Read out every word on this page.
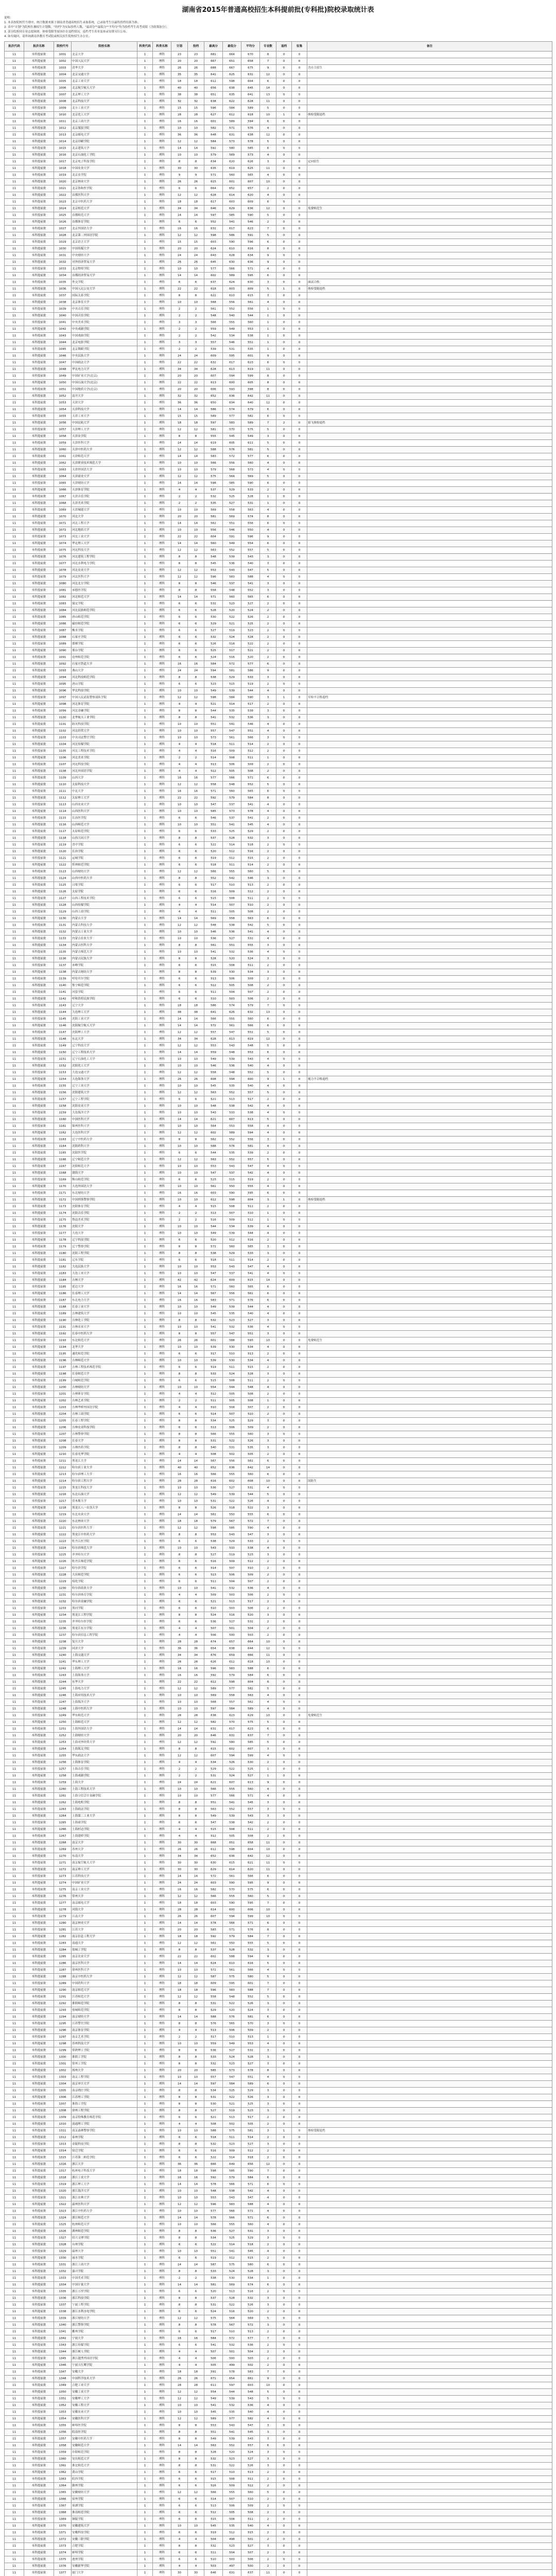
湖南省2015年普通高校招生本科提前批(专科批)院校录取统计表
说明：
1. 本表按院校代号排序，统计数据来源于湖南省普通高校招生录取系统，已录取考生以最终投档结果为准。
2. 表中"计划"为院校在湘招生计划数，"投档"为实际投档人数，"最高分""最低分""平均分"均为投档考生高考成绩（含政策加分）。
3. 部分院校因专业志愿调剂、体检受限等原因存在退档情况，退档考生名单及补录安排另行公布。
4. 如有疑问，请咨询湖南省教育考试院或相关招生院校招生办公室。
批次代码	批次名称	院校代号	院校名称	科类代码	科类名称	计划	投档	最高分	最低分	平均分	专业数	退档	征集	备注
11	本科提前批	1001	北京大学	1	理科	23	23	681	664	670	8	0	0	
11	本科提前批	1002	中国人民大学	1	理科	20	20	667	651	658	7	0	0	
11	本科提前批	1003	清华大学	1	理科	26	26	688	667	675	9	0	0	含自主招生
11	本科提前批	1004	北京交通大学	1	理科	35	35	641	625	631	12	0	0	
11	本科提前批	1005	北京工业大学	1	理科	18	18	612	598	604	6	0	0	
11	本科提前批	1006	北京航空航天大学	1	理科	40	40	656	638	645	14	0	0	
11	本科提前批	1007	北京理工大学	1	理科	38	38	651	635	641	13	0	0	
11	本科提前批	1008	北京科技大学	1	理科	32	32	638	622	628	11	0	0	
11	本科提前批	1009	北方工业大学	1	理科	15	15	596	584	589	5	0	0	
11	本科提前批	1010	北京化工大学	1	理科	28	28	627	612	618	10	1	0	体检受限退档
11	本科提前批	1011	北京工商大学	1	理科	16	16	601	589	594	6	0	0	
11	本科提前批	1012	北京服装学院	1	理科	10	10	582	571	576	4	0	0	
11	本科提前批	1013	北京邮电大学	1	理科	36	36	648	631	638	12	0	0	
11	本科提前批	1014	北京印刷学院	1	理科	12	12	584	573	578	5	0	0	
11	本科提前批	1015	北京建筑大学	1	理科	14	14	592	580	585	6	0	0	
11	本科提前批	1016	北京石油化工学院	1	理科	10	10	579	569	573	4	0	0	
11	本科提前批	1017	北京电子科技学院	1	理科	8	8	634	620	626	3	0	0	定向招生
11	本科提前批	1018	中国农业大学	1	理科	30	30	635	619	625	11	0	0	
11	本科提前批	1019	北京农学院	1	理科	9	9	571	560	565	4	0	0	
11	本科提前批	1020	北京林业大学	1	理科	26	26	615	601	607	10	0	0	
11	本科提前批	1021	北京协和医学院	1	理科	6	6	664	652	657	2	0	0	
11	本科提前批	1022	首都医科大学	1	理科	12	12	628	614	620	4	0	0	
11	本科提前批	1023	北京中医药大学	1	理科	18	18	617	603	609	6	0	0	
11	本科提前批	1024	北京师范大学	1	理科	34	34	646	629	636	12	0	0	免费师范生
11	本科提前批	1025	首都师范大学	1	理科	14	14	597	585	590	5	0	0	
11	本科提前批	1026	首都体育学院	1	理科	6	6	552	541	546	2	0	0	
11	本科提前批	1027	北京外国语大学	1	理科	16	16	631	617	623	7	0	0	
11	本科提前批	1028	北京第二外国语学院	1	理科	12	12	598	586	591	5	0	0	
11	本科提前批	1029	北京语言大学	1	理科	15	15	603	590	596	6	0	0	
11	本科提前批	1030	中国传媒大学	1	理科	20	20	624	610	616	8	0	0	
11	本科提前批	1031	中央财经大学	1	理科	24	24	643	628	634	9	0	0	
11	本科提前批	1032	对外经济贸易大学	1	理科	26	26	645	630	636	9	0	0	
11	本科提前批	1033	北京物资学院	1	理科	10	10	577	566	571	4	0	0	
11	本科提前批	1034	首都经济贸易大学	1	理科	14	14	602	589	595	6	0	0	
11	本科提前批	1035	外交学院	1	理科	6	6	637	624	630	3	0	0	面试合格
11	本科提前批	1036	中国人民公安大学	1	理科	22	22	618	603	609	5	1	0	体检受限退档
11	本科提前批	1037	国际关系学院	1	理科	8	8	622	610	615	3	0	0	
11	本科提前批	1038	北京体育大学	1	理科	10	10	568	556	561	4	0	0	
11	本科提前批	1039	中央音乐学院	1	理科	2	2	561	552	556	1	0	0	
11	本科提前批	1040	中国音乐学院	1	理科	2	2	548	540	544	1	0	0	
11	本科提前批	1041	中央美术学院	1	理科	3	3	566	555	560	1	0	0	
11	本科提前批	1042	中央戏剧学院	1	理科	2	2	559	549	553	1	0	0	
11	本科提前批	1043	中国戏曲学院	1	理科	2	2	542	534	538	1	0	0	
11	本科提前批	1044	北京电影学院	1	理科	3	3	557	546	551	1	0	0	
11	本科提前批	1045	北京舞蹈学院	1	理科	2	2	539	531	535	1	0	0	
11	本科提前批	1046	中央民族大学	1	理科	24	24	609	595	601	9	0	0	
11	本科提前批	1047	中国政法大学	1	理科	22	22	632	617	623	6	0	0	
11	本科提前批	1048	华北电力大学	1	理科	34	34	628	613	619	11	0	0	
11	本科提前批	1049	中国矿业大学(北京)	1	理科	20	20	607	594	599	8	0	0	
11	本科提前批	1050	中国石油大学(北京)	1	理科	22	22	613	600	605	8	0	0	
11	本科提前批	1051	中国地质大学(北京)	1	理科	20	20	606	593	598	8	0	0	
11	本科提前批	1052	南开大学	1	理科	32	32	652	636	642	11	0	0	
11	本科提前批	1053	天津大学	1	理科	36	36	650	634	640	12	0	0	
11	本科提前批	1054	天津科技大学	1	理科	14	14	586	574	579	6	0	0	
11	本科提前批	1055	天津工业大学	1	理科	15	15	589	577	582	6	0	0	
11	本科提前批	1056	中国民航大学	1	理科	18	18	597	583	589	7	2	0	招飞体检退档
11	本科提前批	1057	天津理工大学	1	理科	12	12	581	570	575	5	0	0	
11	本科提前批	1058	天津农学院	1	理科	8	8	555	545	549	3	0	0	
11	本科提前批	1059	天津医科大学	1	理科	14	14	619	605	611	5	0	0	
11	本科提前批	1060	天津中医药大学	1	理科	12	12	588	576	581	5	0	0	
11	本科提前批	1061	天津师范大学	1	理科	14	14	583	572	577	6	0	0	
11	本科提前批	1062	天津职业技术师范大学	1	理科	10	10	566	556	560	4	0	0	
11	本科提前批	1063	天津外国语大学	1	理科	10	10	579	568	573	4	0	0	
11	本科提前批	1064	天津商业大学	1	理科	12	12	575	564	569	5	0	0	
11	本科提前批	1065	天津财经大学	1	理科	14	14	598	585	590	6	0	0	
11	本科提前批	1066	天津体育学院	1	理科	4	4	537	529	533	2	0	0	
11	本科提前批	1067	天津音乐学院	1	理科	2	2	532	525	528	1	0	0	
11	本科提前批	1068	天津美术学院	1	理科	2	2	535	527	531	1	0	0	
11	本科提前批	1069	天津城建大学	1	理科	10	10	569	558	563	4	0	0	
11	本科提前批	1070	河北大学	1	理科	20	20	581	569	574	8	0	0	
11	本科提前批	1071	河北工程大学	1	理科	14	14	562	551	556	6	0	0	
11	本科提前批	1072	河北地质大学	1	理科	10	10	556	546	550	4	0	0	
11	本科提前批	1073	河北工业大学	1	理科	22	22	604	591	596	9	0	0	
11	本科提前批	1074	华北理工大学	1	理科	14	14	560	549	554	6	0	0	
11	本科提前批	1075	河北科技大学	1	理科	12	12	563	552	557	5	0	0	
11	本科提前批	1076	河北建筑工程学院	1	理科	8	8	548	539	543	3	0	0	
11	本科提前批	1077	河北水利电力学院	1	理科	8	8	545	536	540	3	0	0	
11	本科提前批	1078	河北农业大学	1	理科	12	12	553	543	547	5	0	0	
11	本科提前批	1079	河北医科大学	1	理科	12	12	596	583	588	4	0	0	
11	本科提前批	1080	河北北方学院	1	理科	8	8	546	537	541	3	0	0	
11	本科提前批	1081	承德医学院	1	理科	8	8	558	548	552	3	0	0	
11	本科提前批	1082	河北师范大学	1	理科	14	14	571	560	565	6	0	0	
11	本科提前批	1083	保定学院	1	理科	6	6	531	523	527	2	0	0	
11	本科提前批	1084	河北民族师范学院	1	理科	6	6	528	520	524	2	0	0	
11	本科提前批	1085	唐山师范学院	1	理科	6	6	530	522	526	2	0	0	
11	本科提前批	1086	廊坊师范学院	1	理科	6	6	529	521	525	2	0	0	
11	本科提前批	1087	衡水学院	1	理科	6	6	527	519	523	2	0	0	
11	本科提前批	1088	石家庄学院	1	理科	6	6	532	524	528	2	0	0	
11	本科提前批	1089	邯郸学院	1	理科	6	6	526	518	522	2	0	0	
11	本科提前批	1090	邢台学院	1	理科	6	6	525	517	521	2	0	0	
11	本科提前批	1091	沧州师范学院	1	理科	6	6	524	516	520	2	0	0	
11	本科提前批	1092	石家庄铁道大学	1	理科	16	16	584	572	577	6	0	0	
11	本科提前批	1093	燕山大学	1	理科	24	24	594	581	586	9	0	0	
11	本科提前批	1094	河北科技师范学院	1	理科	8	8	538	529	533	3	0	0	
11	本科提前批	1095	唐山学院	1	理科	6	6	523	515	519	2	0	0	
11	本科提前批	1096	华北科技学院	1	理科	10	10	549	539	544	4	0	0	
11	本科提前批	1097	中国人民武装警察部队学院	1	理科	12	12	598	584	590	3	1	0	军检不合格退档
11	本科提前批	1098	河北体育学院	1	理科	4	4	521	514	517	2	0	0	
11	本科提前批	1099	河北金融学院	1	理科	8	8	544	535	539	3	0	0	
11	本科提前批	1100	北华航天工业学院	1	理科	8	8	541	532	536	3	0	0	
11	本科提前批	1101	防灾科技学院	1	理科	10	10	551	541	546	4	0	0	
11	本科提前批	1102	河北经贸大学	1	理科	10	10	557	547	551	4	0	0	
11	本科提前批	1103	中央司法警官学院	1	理科	10	10	573	561	566	3	0	0	
11	本科提前批	1104	河北传媒学院	1	理科	4	4	518	511	514	2	0	0	
11	本科提前批	1105	河北工程技术学院	1	理科	4	4	516	509	512	2	0	0	
11	本科提前批	1106	河北美术学院	1	理科	2	2	514	508	511	1	0	0	
11	本科提前批	1107	河北科技学院	1	理科	4	4	513	506	509	2	0	0	
11	本科提前批	1108	河北外国语学院	1	理科	4	4	512	505	508	2	0	0	
11	本科提前批	1109	山西大学	1	理科	16	16	577	566	571	6	0	0	
11	本科提前批	1110	太原科技大学	1	理科	12	12	558	548	552	5	0	0	
11	本科提前批	1111	中北大学	1	理科	16	16	571	560	565	6	0	0	
11	本科提前批	1112	太原理工大学	1	理科	22	22	592	579	584	8	0	0	
11	本科提前批	1113	山西农业大学	1	理科	10	10	547	537	541	4	0	0	
11	本科提前批	1114	山西医科大学	1	理科	10	10	585	573	578	4	0	0	
11	本科提前批	1115	长治医学院	1	理科	6	6	546	537	541	2	0	0	
11	本科提前批	1116	山西师范大学	1	理科	10	10	551	541	545	4	0	0	
11	本科提前批	1117	太原师范学院	1	理科	6	6	533	525	529	2	0	0	
11	本科提前批	1118	山西大同大学	1	理科	8	8	537	528	532	3	0	0	
11	本科提前批	1119	晋中学院	1	理科	6	6	522	514	518	2	0	0	
11	本科提前批	1120	长治学院	1	理科	6	6	520	512	516	2	0	0	
11	本科提前批	1121	运城学院	1	理科	6	6	519	512	515	2	0	0	
11	本科提前批	1122	忻州师范学院	1	理科	6	6	518	511	514	2	0	0	
11	本科提前批	1123	山西财经大学	1	理科	12	12	566	555	560	5	0	0	
11	本科提前批	1124	山西中医药大学	1	理科	8	8	552	542	546	3	0	0	
11	本科提前批	1125	吕梁学院	1	理科	6	6	517	510	513	2	0	0	
11	本科提前批	1126	太原学院	1	理科	6	6	516	509	512	2	0	0	
11	本科提前批	1127	山西工程技术学院	1	理科	6	6	515	508	511	2	0	0	
11	本科提前批	1128	山西传媒学院	1	理科	4	4	514	507	510	2	0	0	
11	本科提前批	1129	山西工商学院	1	理科	4	4	511	505	508	2	0	0	
11	本科提前批	1130	内蒙古大学	1	理科	14	14	569	558	563	6	0	0	
11	本科提前批	1131	内蒙古科技大学	1	理科	12	12	548	538	542	5	0	0	
11	本科提前批	1132	内蒙古工业大学	1	理科	10	10	546	536	541	4	0	0	
11	本科提前批	1133	内蒙古农业大学	1	理科	10	10	536	527	531	4	0	0	
11	本科提前批	1134	内蒙古医科大学	1	理科	8	8	561	551	555	3	0	0	
11	本科提前批	1135	内蒙古师范大学	1	理科	10	10	541	532	536	4	0	0	
11	本科提前批	1136	内蒙古民族大学	1	理科	8	8	528	520	524	3	0	0	
11	本科提前批	1137	赤峰学院	1	理科	6	6	515	508	511	2	0	0	
11	本科提前批	1138	内蒙古财经大学	1	理科	8	8	539	530	534	3	0	0	
11	本科提前批	1139	呼伦贝尔学院	1	理科	6	6	513	506	509	2	0	0	
11	本科提前批	1140	集宁师范学院	1	理科	6	6	512	505	508	2	0	0	
11	本科提前批	1141	河套学院	1	理科	6	6	511	504	507	2	0	0	
11	本科提前批	1142	呼和浩特民族学院	1	理科	6	6	510	503	506	2	0	0	
11	本科提前批	1143	辽宁大学	1	理科	18	18	586	574	579	7	0	0	
11	本科提前批	1144	大连理工大学	1	理科	38	38	641	626	632	13	0	0	
11	本科提前批	1145	沈阳工业大学	1	理科	14	14	566	555	560	6	0	0	
11	本科提前批	1146	沈阳航空航天大学	1	理科	14	14	572	561	566	6	0	0	
11	本科提前批	1147	沈阳理工大学	1	理科	12	12	557	547	551	5	0	0	
11	本科提前批	1148	东北大学	1	理科	34	34	628	613	619	12	0	0	
11	本科提前批	1149	辽宁科技大学	1	理科	12	12	553	543	548	5	0	0	
11	本科提前批	1150	辽宁工程技术大学	1	理科	14	14	559	548	553	6	0	0	
11	本科提前批	1151	辽宁石油化工大学	1	理科	10	10	549	539	543	4	0	0	
11	本科提前批	1152	沈阳化工大学	1	理科	10	10	546	536	540	4	0	0	
11	本科提前批	1153	大连交通大学	1	理科	12	12	558	548	552	5	0	0	
11	本科提前批	1154	大连海事大学	1	理科	26	26	608	594	600	9	1	0	视力不合格退档
11	本科提前批	1155	辽宁工业大学	1	理科	10	10	545	535	540	4	0	0	
11	本科提前批	1156	沈阳建筑大学	1	理科	12	12	563	552	557	5	0	0	
11	本科提前批	1157	辽宁工程学院	1	理科	6	6	521	513	517	2	0	0	
11	本科提前批	1158	沈阳农业大学	1	理科	10	10	548	538	542	4	0	0	
11	本科提前批	1159	大连海洋大学	1	理科	10	10	543	533	538	4	0	0	
11	本科提前批	1160	中国医科大学	1	理科	14	14	621	607	613	5	0	0	
11	本科提前批	1161	锦州医科大学	1	理科	10	10	564	553	558	4	0	0	
11	本科提前批	1162	大连医科大学	1	理科	12	12	602	589	594	4	0	0	
11	本科提前批	1163	辽宁中医药大学	1	理科	8	8	562	552	556	3	0	0	
11	本科提前批	1164	沈阳药科大学	1	理科	10	10	588	576	581	4	0	0	
11	本科提前批	1165	沈阳医学院	1	理科	6	6	544	535	539	2	0	0	
11	本科提前批	1166	辽宁师范大学	1	理科	12	12	563	552	557	5	0	0	
11	本科提前批	1167	沈阳师范大学	1	理科	10	10	553	543	547	4	0	0	
11	本科提前批	1168	渤海大学	1	理科	10	10	547	537	542	4	0	0	
11	本科提前批	1169	鞍山师范学院	1	理科	6	6	523	515	519	2	0	0	
11	本科提前批	1170	大连外国语大学	1	理科	10	10	561	550	555	4	0	0	
11	本科提前批	1171	东北财经大学	1	理科	16	16	603	590	595	6	0	0	
11	本科提前批	1172	中国刑事警察学院	1	理科	10	10	612	598	604	3	1	0	体检受限退档
11	本科提前批	1173	沈阳体育学院	1	理科	4	4	515	508	511	2	0	0	
11	本科提前批	1174	沈阳音乐学院	1	理科	2	2	513	507	510	1	0	0	
11	本科提前批	1175	鲁迅美术学院	1	理科	2	2	516	509	512	1	0	0	
11	本科提前批	1176	沈阳大学	1	理科	10	10	544	534	539	4	0	0	
11	本科提前批	1177	大连大学	1	理科	10	10	549	539	544	4	0	0	
11	本科提前批	1178	辽宁科技学院	1	理科	6	6	520	512	516	2	0	0	
11	本科提前批	1179	辽宁警察学院	1	理科	8	8	571	560	565	3	0	0	
11	本科提前批	1180	沈阳工程学院	1	理科	8	8	538	529	533	3	0	0	
11	本科提前批	1181	辽东学院	1	理科	6	6	518	511	514	2	0	0	
11	本科提前批	1182	大连民族大学	1	理科	10	10	553	543	547	4	0	0	
11	本科提前批	1183	大连工业大学	1	理科	10	10	547	537	541	4	0	0	
11	本科提前批	1184	吉林大学	1	理科	42	42	624	609	615	14	0	0	
11	本科提前批	1185	延边大学	1	理科	16	16	571	560	565	6	0	0	
11	本科提前批	1186	长春理工大学	1	理科	14	14	567	556	561	6	0	0	
11	本科提前批	1187	东北电力大学	1	理科	16	16	583	571	576	6	0	0	
11	本科提前批	1188	长春工业大学	1	理科	10	10	549	539	544	4	0	0	
11	本科提前批	1189	吉林建筑大学	1	理科	10	10	545	535	540	4	0	0	
11	本科提前批	1190	吉林化工学院	1	理科	8	8	532	523	527	3	0	0	
11	本科提前批	1191	吉林农业大学	1	理科	10	10	541	532	536	4	0	0	
11	本科提前批	1192	长春中医药大学	1	理科	8	8	557	547	551	3	0	0	
11	本科提前批	1193	东北师范大学	1	理科	26	26	601	588	593	10	0	0	免费师范生
11	本科提前批	1194	北华大学	1	理科	10	10	539	530	534	4	0	0	
11	本科提前批	1195	通化师范学院	1	理科	6	6	517	510	513	2	0	0	
11	本科提前批	1196	吉林师范大学	1	理科	10	10	539	530	534	4	0	0	
11	本科提前批	1197	吉林工程技术师范学院	1	理科	6	6	519	511	515	2	0	0	
11	本科提前批	1198	长春师范大学	1	理科	8	8	533	524	528	3	0	0	
11	本科提前批	1199	白城师范学院	1	理科	6	6	515	508	511	2	0	0	
11	本科提前批	1200	吉林财经大学	1	理科	10	10	554	544	548	4	0	0	
11	本科提前批	1201	吉林体育学院	1	理科	4	4	512	505	508	2	0	0	
11	本科提前批	1202	吉林艺术学院	1	理科	2	2	511	505	508	1	0	0	
11	本科提前批	1203	吉林华桥外国语学院	1	理科	4	4	510	504	507	2	0	0	
11	本科提前批	1204	吉林工商学院	1	理科	6	6	514	507	510	2	0	0	
11	本科提前批	1205	长春工程学院	1	理科	8	8	534	525	529	3	0	0	
11	本科提前批	1206	吉林农业科技学院	1	理科	6	6	513	506	509	2	0	0	
11	本科提前批	1207	吉林警察学院	1	理科	8	8	566	555	560	3	0	0	
11	本科提前批	1208	长春大学	1	理科	8	8	531	522	526	3	0	0	
11	本科提前批	1209	吉林医药学院	1	理科	8	8	540	531	535	3	0	0	
11	本科提前批	1210	长春光华学院	1	理科	4	4	508	502	505	2	0	0	
11	本科提前批	1211	黑龙江大学	1	理科	14	14	567	556	561	6	0	0	
11	本科提前批	1212	哈尔滨工业大学	1	理科	40	40	652	636	642	14	0	0	
11	本科提前批	1213	哈尔滨理工大学	1	理科	16	16	566	555	560	6	0	0	
11	本科提前批	1214	哈尔滨工程大学	1	理科	28	28	616	602	608	10	0	0	国防生
11	本科提前批	1215	黑龙江科技大学	1	理科	10	10	536	527	531	4	0	0	
11	本科提前批	1216	东北石油大学	1	理科	12	12	549	539	544	5	0	0	
11	本科提前批	1217	佳木斯大学	1	理科	10	10	531	522	526	4	0	0	
11	本科提前批	1218	黑龙江八一农垦大学	1	理科	8	8	526	518	522	3	0	0	
11	本科提前批	1219	东北农业大学	1	理科	14	14	561	550	555	6	0	0	
11	本科提前批	1220	东北林业大学	1	理科	18	18	579	567	572	7	0	0	
11	本科提前批	1221	哈尔滨医科大学	1	理科	12	12	598	585	590	4	0	0	
11	本科提前批	1222	黑龙江中医药大学	1	理科	8	8	553	543	547	3	0	0	
11	本科提前批	1223	牡丹江医学院	1	理科	6	6	538	529	533	2	0	0	
11	本科提前批	1224	哈尔滨师范大学	1	理科	10	10	543	533	538	4	0	0	
11	本科提前批	1225	齐齐哈尔大学	1	理科	8	8	527	519	523	3	0	0	
11	本科提前批	1226	牡丹江师范学院	1	理科	6	6	516	509	512	2	0	0	
11	本科提前批	1227	哈尔滨学院	1	理科	6	6	514	507	510	2	0	0	
11	本科提前批	1228	大庆师范学院	1	理科	6	6	513	506	509	2	0	0	
11	本科提前批	1229	绥化学院	1	理科	6	6	511	504	507	2	0	0	
11	本科提前批	1230	哈尔滨商业大学	1	理科	10	10	541	532	536	4	0	0	
11	本科提前批	1231	哈尔滨体育学院	1	理科	4	4	509	503	506	2	0	0	
11	本科提前批	1232	哈尔滨金融学院	1	理科	6	6	521	513	517	2	0	0	
11	本科提前批	1233	黑河学院	1	理科	6	6	510	503	506	2	0	0	
11	本科提前批	1234	黑龙江工程学院	1	理科	8	8	524	516	520	3	0	0	
11	本科提前批	1235	齐齐哈尔医学院	1	理科	6	6	536	527	531	2	0	0	
11	本科提前批	1236	黑龙江东方学院	1	理科	4	4	507	501	504	2	0	0	
11	本科提前批	1237	哈尔滨信息工程学院	1	理科	4	4	506	500	503	2	0	0	
11	本科提前批	1238	复旦大学	1	理科	28	28	674	657	664	10	0	0	
11	本科提前批	1239	同济大学	1	理科	36	36	654	638	644	12	0	0	
11	本科提前批	1240	上海交通大学	1	理科	34	34	676	659	666	11	0	0	
11	本科提前批	1241	华东理工大学	1	理科	28	28	626	612	618	10	0	0	
11	本科提前批	1242	上海理工大学	1	理科	16	16	596	583	588	6	0	0	
11	本科提前批	1243	上海海事大学	1	理科	16	16	592	579	584	6	0	0	
11	本科提前批	1244	东华大学	1	理科	22	22	612	598	604	8	0	0	
11	本科提前批	1245	上海电力大学	1	理科	12	12	589	577	582	5	0	0	
11	本科提前批	1246	上海应用技术大学	1	理科	10	10	569	558	563	4	0	0	
11	本科提前批	1247	上海海洋大学	1	理科	10	10	568	557	562	4	0	0	
11	本科提前批	1248	上海中医药大学	1	理科	10	10	597	584	589	4	0	0	
11	本科提前批	1249	华东师范大学	1	理科	28	28	638	623	629	10	0	0	免费师范生
11	本科提前批	1250	上海师范大学	1	理科	12	12	582	570	575	5	0	0	
11	本科提前批	1251	上海外国语大学	1	理科	14	14	631	617	623	6	0	0	
11	本科提前批	1252	上海财经大学	1	理科	20	20	646	631	637	7	0	0	
11	本科提前批	1253	上海对外经贸大学	1	理科	12	12	592	580	585	5	0	0	
11	本科提前批	1254	上海海关学院	1	理科	8	8	615	602	607	3	0	0	
11	本科提前批	1255	华东政法大学	1	理科	12	12	607	594	599	4	0	0	
11	本科提前批	1256	上海体育学院	1	理科	4	4	534	526	530	2	0	0	
11	本科提前批	1257	上海音乐学院	1	理科	2	2	529	522	525	1	0	0	
11	本科提前批	1258	上海戏剧学院	1	理科	2	2	531	524	527	1	0	0	
11	本科提前批	1259	上海大学	1	理科	24	24	621	607	613	9	0	0	
11	本科提前批	1260	上海工程技术大学	1	理科	10	10	566	555	560	4	0	0	
11	本科提前批	1261	上海立信会计金融学院	1	理科	10	10	577	566	571	4	0	0	
11	本科提前批	1262	上海电机学院	1	理科	8	8	551	541	545	3	0	0	
11	本科提前批	1263	上海政法学院	1	理科	8	8	563	552	557	3	0	0	
11	本科提前批	1264	上海第二工业大学	1	理科	8	8	549	539	543	3	0	0	
11	本科提前批	1265	上海商学院	1	理科	6	6	547	538	542	2	0	0	
11	本科提前批	1266	上海杉达学院	1	理科	4	4	515	508	511	2	0	0	
11	本科提前批	1267	上海建桥学院	1	理科	4	4	512	505	508	2	0	0	
11	本科提前批	1268	南京大学	1	理科	30	30	668	651	658	11	0	0	
11	本科提前批	1269	苏州大学	1	理科	26	26	612	598	604	10	0	0	
11	本科提前批	1270	东南大学	1	理科	34	34	652	636	642	12	0	0	
11	本科提前批	1271	南京航空航天大学	1	理科	30	30	630	615	621	11	0	0	
11	本科提前批	1272	南京理工大学	1	理科	30	30	629	614	620	11	0	0	
11	本科提前批	1273	江苏科技大学	1	理科	14	14	572	561	566	6	0	0	
11	本科提前批	1274	中国矿业大学	1	理科	24	24	603	590	595	9	0	0	
11	本科提前批	1275	南京工业大学	1	理科	16	16	582	570	575	6	0	0	
11	本科提前批	1276	常州大学	1	理科	12	12	566	555	560	5	0	0	
11	本科提前批	1277	南京邮电大学	1	理科	18	18	603	590	595	7	0	0	
11	本科提前批	1278	河海大学	1	理科	28	28	614	600	606	10	0	0	
11	本科提前批	1279	江南大学	1	理科	26	26	607	594	599	10	0	0	
11	本科提前批	1280	南京林业大学	1	理科	14	14	578	566	571	6	0	0	
11	本科提前批	1281	江苏大学	1	理科	20	20	583	571	576	8	0	0	
11	本科提前批	1282	南京信息工程大学	1	理科	18	18	592	579	584	7	0	0	
11	本科提前批	1283	南通大学	1	理科	12	12	561	550	555	5	0	0	
11	本科提前批	1284	盐城工学院	1	理科	8	8	537	528	532	3	0	0	
11	本科提前批	1285	南京农业大学	1	理科	22	22	602	588	594	9	0	0	
11	本科提前批	1286	南京医科大学	1	理科	14	14	624	610	616	5	0	0	
11	本科提前批	1287	徐州医科大学	1	理科	10	10	572	561	566	4	0	0	
11	本科提前批	1288	南京中医药大学	1	理科	12	12	587	575	580	5	0	0	
11	本科提前批	1289	中国药科大学	1	理科	18	18	609	595	601	7	0	0	
11	本科提前批	1290	南京师范大学	1	理科	18	18	596	583	588	7	0	0	
11	本科提前批	1291	江苏师范大学	1	理科	12	12	558	548	552	5	0	0	
11	本科提前批	1292	淮阴师范学院	1	理科	8	8	531	522	526	3	0	0	
11	本科提前批	1293	盐城师范学院	1	理科	8	8	529	520	524	3	0	0	
11	本科提前批	1294	南京财经大学	1	理科	14	14	588	576	581	6	0	0	
11	本科提前批	1295	江苏警官学院	1	理科	8	8	576	565	570	3	0	0	
11	本科提前批	1296	南京体育学院	1	理科	4	4	513	506	509	2	0	0	
11	本科提前批	1297	南京艺术学院	1	理科	2	2	517	510	513	1	0	0	
11	本科提前批	1298	苏州科技大学	1	理科	10	10	559	549	553	4	0	0	
11	本科提前批	1299	常熟理工学院	1	理科	8	8	536	527	531	3	0	0	
11	本科提前批	1300	淮阴工学院	1	理科	8	8	533	524	528	3	0	0	
11	本科提前批	1301	常州工学院	1	理科	8	8	532	523	527	3	0	0	
11	本科提前批	1302	扬州大学	1	理科	20	20	585	573	578	8	0	0	
11	本科提前批	1303	南京工程学院	1	理科	10	10	557	547	551	4	0	0	
11	本科提前批	1304	南京审计大学	1	理科	14	14	597	584	589	6	0	0	
11	本科提前批	1305	南京晓庄学院	1	理科	8	8	534	525	529	3	0	0	
11	本科提前批	1306	江苏理工学院	1	理科	8	8	531	522	526	3	0	0	
11	本科提前批	1307	淮海工学院	1	理科	8	8	530	521	525	3	0	0	
11	本科提前批	1308	徐州工程学院	1	理科	8	8	527	519	523	3	0	0	
11	本科提前批	1309	南京特殊教育师范学院	1	理科	6	6	521	513	517	2	0	0	
11	本科提前批	1310	南通理工学院	1	理科	4	4	508	502	505	2	0	0	
11	本科提前批	1311	南京森林警察学院	1	理科	10	10	588	575	581	3	1	0	体检受限退档
11	本科提前批	1312	泰州学院	1	理科	6	6	518	511	514	2	0	0	
11	本科提前批	1313	金陵科技学院	1	理科	8	8	532	523	527	3	0	0	
11	本科提前批	1314	宿迁学院	1	理科	6	6	516	509	512	2	0	0	
11	本科提前批	1315	江苏第二师范学院	1	理科	6	6	522	514	518	2	0	0	
11	本科提前批	1316	浙江大学	1	理科	36	36	666	649	656	12	0	0	
11	本科提前批	1317	杭州电子科技大学	1	理科	18	18	598	585	590	7	0	0	
11	本科提前批	1318	浙江工业大学	1	理科	16	16	592	579	584	6	0	0	
11	本科提前批	1319	浙江理工大学	1	理科	14	14	578	566	571	6	0	0	
11	本科提前批	1320	浙江海洋大学	1	理科	10	10	548	538	542	4	0	0	
11	本科提前批	1321	浙江农林大学	1	理科	10	10	553	543	547	4	0	0	
11	本科提前批	1322	温州医科大学	1	理科	12	12	596	583	588	4	0	0	
11	本科提前批	1323	浙江中医药大学	1	理科	10	10	577	566	571	4	0	0	
11	本科提前批	1324	浙江师范大学	1	理科	14	14	578	566	571	6	0	0	
11	本科提前批	1325	杭州师范大学	1	理科	10	10	566	555	560	4	0	0	
11	本科提前批	1326	湖州师范学院	1	理科	8	8	536	527	531	3	0	0	
11	本科提前批	1327	绍兴文理学院	1	理科	8	8	534	525	529	3	0	0	
11	本科提前批	1328	台州学院	1	理科	6	6	522	514	518	2	0	0	
11	本科提前批	1329	温州大学	1	理科	10	10	551	541	545	4	0	0	
11	本科提前批	1330	丽水学院	1	理科	6	6	519	512	515	2	0	0	
11	本科提前批	1331	浙江工商大学	1	理科	14	14	587	575	580	6	0	0	
11	本科提前批	1332	嘉兴学院	1	理科	8	8	533	524	528	3	0	0	
11	本科提前批	1333	中国美术学院	1	理科	2	2	538	530	534	1	0	0	
11	本科提前批	1334	中国计量大学	1	理科	14	14	581	569	574	6	0	0	
11	本科提前批	1335	浙江万里学院	1	理科	6	6	520	513	516	2	0	0	
11	本科提前批	1336	浙江科技学院	1	理科	8	8	537	528	532	3	0	0	
11	本科提前批	1337	宁波工程学院	1	理科	8	8	531	522	526	3	0	0	
11	本科提前批	1338	浙江水利水电学院	1	理科	6	6	524	516	520	2	0	0	
11	本科提前批	1339	浙江财经大学	1	理科	12	12	575	564	569	5	0	0	
11	本科提前批	1340	浙江警察学院	1	理科	8	8	578	567	572	3	0	0	
11	本科提前批	1341	衢州学院	1	理科	6	6	517	510	513	2	0	0	
11	本科提前批	1342	宁波大学	1	理科	16	16	584	572	577	7	0	0	
11	本科提前批	1343	浙江传媒学院	1	理科	6	6	541	532	536	2	0	0	
11	本科提前批	1344	浙江树人学院	1	理科	4	4	507	501	504	2	0	0	
11	本科提前批	1345	浙江越秀外国语学院	1	理科	4	4	506	500	503	2	0	0	
11	本科提前批	1346	宁波大红鹰学院	1	理科	4	4	505	499	502	2	0	0	
11	本科提前批	1347	安徽大学	1	理科	18	18	591	578	583	7	0	0	
11	本科提前批	1348	中国科学技术大学	1	理科	26	26	671	654	661	9	0	0	
11	本科提前批	1349	合肥工业大学	1	理科	28	28	611	597	603	10	0	0	
11	本科提前批	1350	安徽工业大学	1	理科	12	12	554	544	548	5	0	0	
11	本科提前批	1351	安徽理工大学	1	理科	12	12	549	539	543	5	0	0	
11	本科提前批	1352	安徽工程大学	1	理科	10	10	541	532	536	4	0	0	
11	本科提前批	1353	安徽农业大学	1	理科	10	10	545	535	540	4	0	0	
11	本科提前批	1354	安徽医科大学	1	理科	12	12	589	577	582	4	0	0	
11	本科提前批	1355	蚌埠医学院	1	理科	8	8	553	543	547	3	0	0	
11	本科提前批	1356	皖南医学院	1	理科	8	8	551	541	545	3	0	0	
11	本科提前批	1357	安徽中医药大学	1	理科	8	8	549	539	543	3	0	0	
11	本科提前批	1358	安徽师范大学	1	理科	14	14	563	552	557	6	0	0	
11	本科提前批	1359	阜阳师范学院	1	理科	8	8	528	520	524	3	0	0	
11	本科提前批	1360	安庆师范大学	1	理科	8	8	532	523	527	3	0	0	
11	本科提前批	1361	淮北师范大学	1	理科	8	8	531	522	526	3	0	0	
11	本科提前批	1362	黄山学院	1	理科	6	6	517	510	513	2	0	0	
11	本科提前批	1363	皖西学院	1	理科	6	6	515	508	511	2	0	0	
11	本科提前批	1364	滁州学院	1	理科	6	6	516	509	512	2	0	0	
11	本科提前批	1365	安徽财经大学	1	理科	12	12	566	555	560	5	0	0	
11	本科提前批	1366	宿州学院	1	理科	6	6	514	507	510	2	0	0	
11	本科提前批	1367	巢湖学院	1	理科	6	6	513	506	509	2	0	0	
11	本科提前批	1368	淮南师范学院	1	理科	6	6	512	505	508	2	0	0	
11	本科提前批	1369	铜陵学院	1	理科	6	6	515	508	511	2	0	0	
11	本科提前批	1370	安徽建筑大学	1	理科	10	10	545	535	540	4	0	0	
11	本科提前批	1371	安徽科技学院	1	理科	6	6	519	512	515	2	0	0	
11	本科提前批	1372	安徽三联学院	1	理科	4	4	504	498	501	2	0	0	
11	本科提前批	1373	合肥学院	1	理科	8	8	532	523	527	3	0	0	
11	本科提前批	1374	蚌埠学院	1	理科	6	6	511	504	507	2	0	0	
11	本科提前批	1375	池州学院	1	理科	6	6	510	503	506	2	0	0	
11	本科提前批	1376	安徽新华学院	1	理科	4	4	503	497	500	2	0	0	
11	本科提前批	1377	厦门大学	1	理科	30	30	646	631	637	11	0	0	
